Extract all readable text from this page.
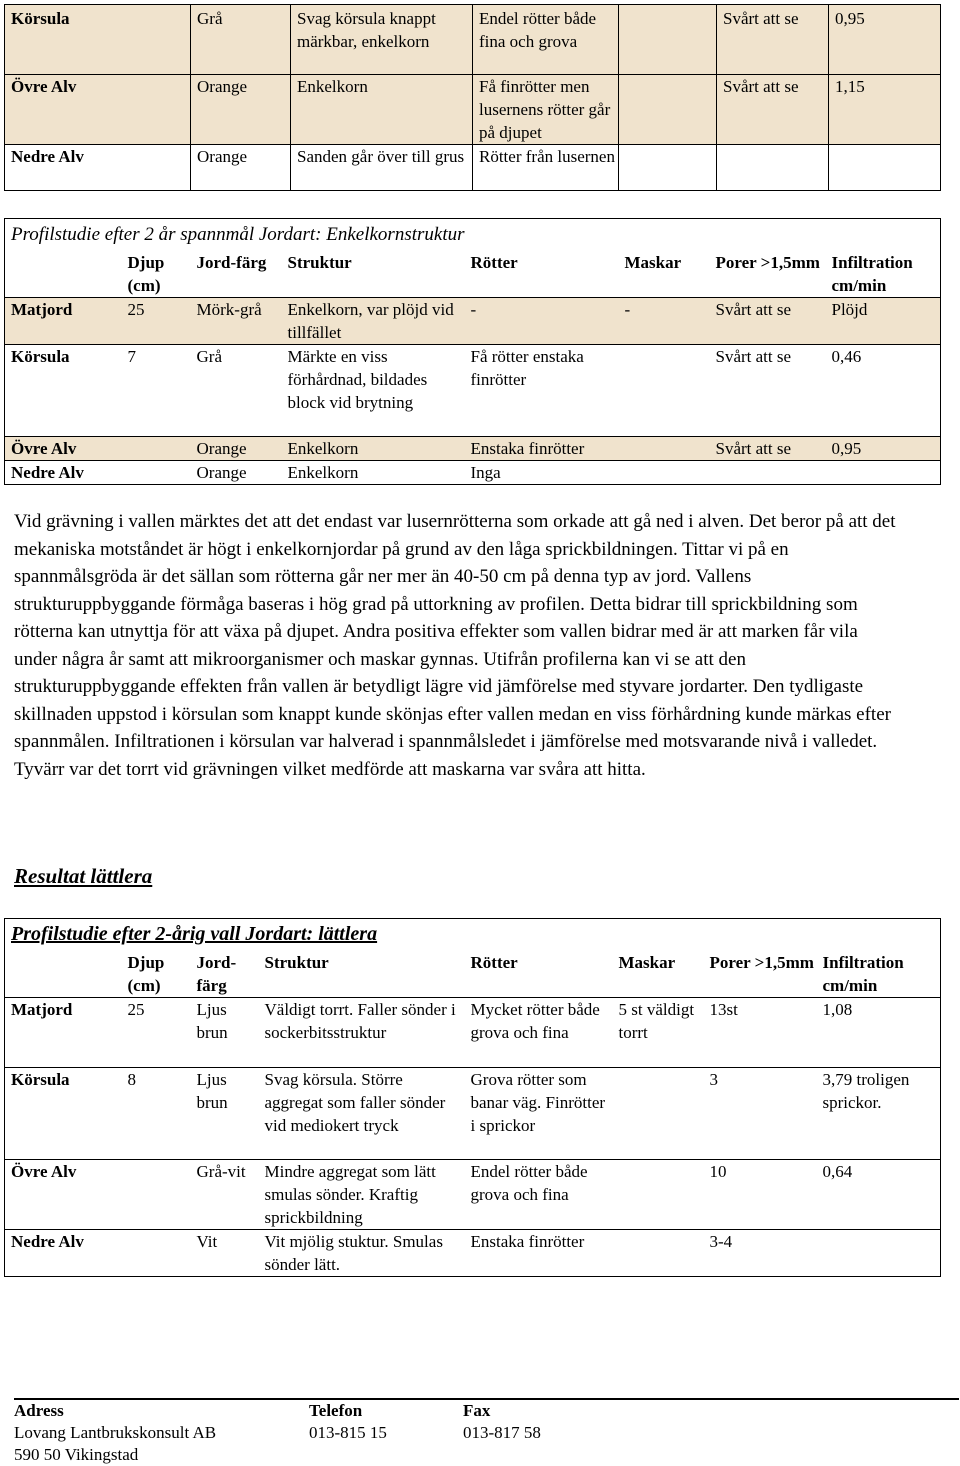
Körsula	Grå	Svag körsula knappt märkbar, enkelkorn	Endel rötter både fina och grova		Svårt att se	0,95
Övre Alv	Orange	Enkelkorn	Få finrötter men lusernens rötter går på djupet		Svårt att se	1,15
Nedre Alv	Orange	Sanden går över till grus	Rötter från lusernen			
Profilstudie efter 2 år spannmål Jordart: Enkelkornstruktur							
	Djup (cm)	Jord-färg	Struktur	Rötter	Maskar	Porer >1,5mm	Infiltration cm/min
Matjord	25	Mörk-grå	Enkelkorn, var plöjd vid tillfället	-	-	Svårt att se	Plöjd
Körsula	7	Grå	Märkte en viss förhårdnad, bildades block vid brytning	Få rötter enstaka finrötter		Svårt att se	0,46
Övre Alv		Orange	Enkelkorn	Enstaka finrötter		Svårt att se	0,95
Nedre Alv		Orange	Enkelkorn	Inga			

Vid grävning i vallen märktes det att det endast var lusernrötterna som orkade att gå ned i alven. Det beror på att det mekaniska motståndet är högt i enkelkornjordar på grund av den låga sprickbildningen. Tittar vi på en spannmålsgröda är det sällan som rötterna går ner mer än 40-50 cm på denna typ av jord. Vallens strukturuppbyggande förmåga baseras i hög grad på uttorkning av profilen. Detta bidrar till sprickbildning som rötterna kan utnyttja för att växa på djupet. Andra positiva effekter som vallen bidrar med är att marken får vila under några år samt att mikroorganismer och maskar gynnas. Utifrån profilerna kan vi se att den strukturuppbyggande effekten från vallen är betydligt lägre vid jämförelse med styvare jordarter. Den tydligaste skillnaden uppstod i körsulan som knappt kunde skönjas efter vallen medan en viss förhårdning kunde märkas efter spannmålen. Infiltrationen i körsulan var halverad i spannmålsledet i jämförelse med motsvarande nivå i valledet. Tyvärr var det torrt vid grävningen vilket medförde att maskarna var svåra att hitta.

Resultat lättlera
Profilstudie efter 2-årig vall Jordart: lättlera							
	Djup (cm)	Jord-färg	Struktur	Rötter	Maskar	Porer >1,5mm	Infiltration cm/min
Matjord	25	Ljus brun	Väldigt torrt. Faller sönder i sockerbitsstruktur	Mycket rötter både grova och fina	5 st väldigt torrt	13st	1,08
Körsula	8	Ljus brun	Svag körsula. Större aggregat som faller sönder vid mediokert tryck	Grova rötter som banar väg. Finrötter i sprickor		3	3,79 troligen sprickor.
Övre Alv		Grå-vit	Mindre aggregat som lätt smulas sönder. Kraftig sprickbildning	Endel rötter både grova och fina		10	0,64
Nedre Alv		Vit	Vit mjölig stuktur. Smulas sönder lätt.	Enstaka finrötter		3-4	
Adress
Lovang Lantbrukskonsult AB
590 50 Vikingstad
Telefon
013-815 15
Fax
013-817 58
